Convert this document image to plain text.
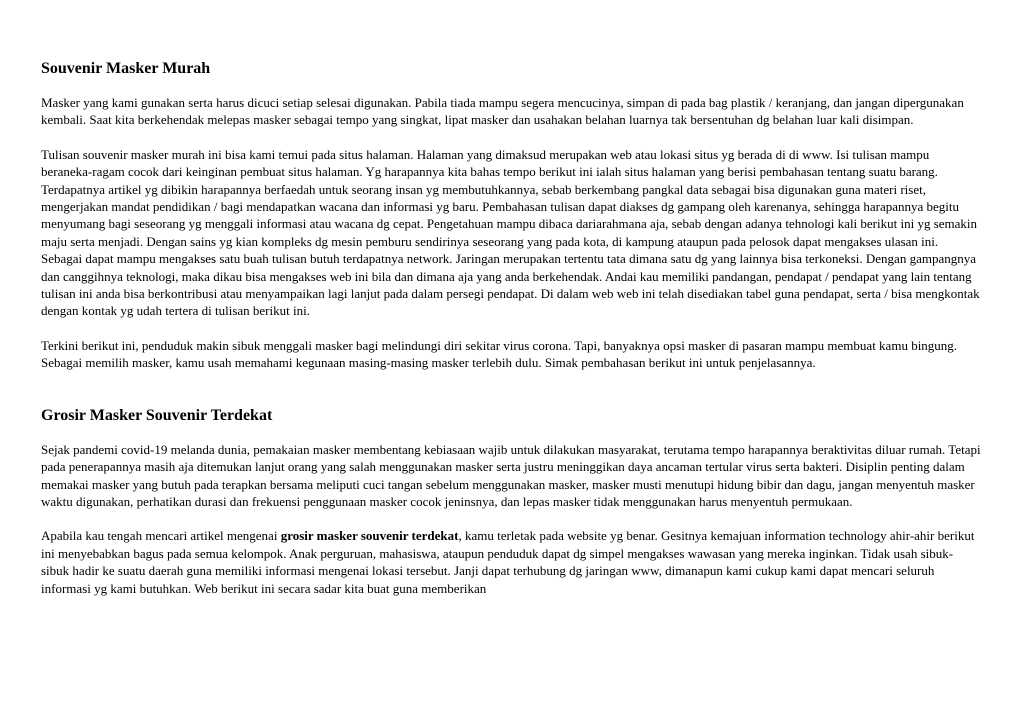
Souvenir Masker Murah

Masker yang kami gunakan serta harus dicuci setiap selesai digunakan. Pabila tiada mampu segera mencucinya, simpan di pada bag plastik / keranjang, dan jangan dipergunakan kembali. Saat kita berkehendak melepas masker sebagai tempo yang singkat, lipat masker dan usahakan belahan luarnya tak bersentuhan dg belahan luar kali disimpan.

Tulisan souvenir masker murah ini bisa kami temui pada situs halaman. Halaman yang dimaksud merupakan web atau lokasi situs yg berada di di www. Isi tulisan mampu beraneka-ragam cocok dari keinginan pembuat situs halaman. Yg harapannya kita bahas tempo berikut ini ialah situs halaman yang berisi pembahasan tentang suatu barang. Terdapatnya artikel yg dibikin harapannya berfaedah untuk seorang insan yg membutuhkannya, sebab berkembang pangkal data sebagai bisa digunakan guna materi riset, mengerjakan mandat pendidikan / bagi mendapatkan wacana dan informasi yg baru. Pembahasan tulisan dapat diakses dg gampang oleh karenanya, sehingga harapannya begitu menyumang bagi seseorang yg menggali informasi atau wacana dg cepat. Pengetahuan mampu dibaca dariarahmana aja, sebab dengan adanya tehnologi kali berikut ini yg semakin maju serta menjadi. Dengan sains yg kian kompleks dg mesin pemburu sendirinya seseorang yang pada kota, di kampung ataupun pada pelosok dapat mengakses ulasan ini. Sebagai dapat mampu mengakses satu buah tulisan butuh terdapatnya network. Jaringan merupakan tertentu tata dimana satu dg yang lainnya bisa terkoneksi. Dengan gampangnya dan canggihnya teknologi, maka dikau bisa mengakses web ini bila dan dimana aja yang anda berkehendak. Andai kau memiliki pandangan, pendapat / pendapat yang lain tentang tulisan ini anda bisa berkontribusi atau menyampaikan lagi lanjut pada dalam persegi pendapat. Di dalam web web ini telah disediakan tabel guna pendapat, serta / bisa mengkontak dengan kontak yg udah tertera di tulisan berikut ini.

Terkini berikut ini, penduduk makin sibuk menggali masker bagi melindungi diri sekitar virus corona. Tapi, banyaknya opsi masker di pasaran mampu membuat kamu bingung. Sebagai memilih masker, kamu usah memahami kegunaan masing-masing masker terlebih dulu. Simak pembahasan berikut ini untuk penjelasannya.

Grosir Masker Souvenir Terdekat

Sejak pandemi covid-19 melanda dunia, pemakaian masker membentang kebiasaan wajib untuk dilakukan masyarakat, terutama tempo harapannya beraktivitas diluar rumah. Tetapi pada penerapannya masih aja ditemukan lanjut orang yang salah menggunakan masker serta justru meninggikan daya ancaman tertular virus serta bakteri. Disiplin penting dalam memakai masker yang butuh pada terapkan bersama meliputi cuci tangan sebelum menggunakan masker, masker musti menutupi hidung bibir dan dagu, jangan menyentuh masker waktu digunakan, perhatikan durasi dan frekuensi penggunaan masker cocok jeninsnya, dan lepas masker tidak menggunakan harus menyentuh permukaan.

Apabila kau tengah mencari artikel mengenai grosir masker souvenir terdekat, kamu terletak pada website yg benar. Gesitnya kemajuan information technology ahir-ahir berikut ini menyebabkan bagus pada semua kelompok. Anak perguruan, mahasiswa, ataupun penduduk dapat dg simpel mengakses wawasan yang mereka inginkan. Tidak usah sibuk-sibuk hadir ke suatu daerah guna memiliki informasi mengenai lokasi tersebut. Janji dapat terhubung dg jaringan www, dimanapun kami cukup kami dapat mencari seluruh informasi yg kami butuhkan. Web berikut ini secara sadar kita buat guna memberikan
